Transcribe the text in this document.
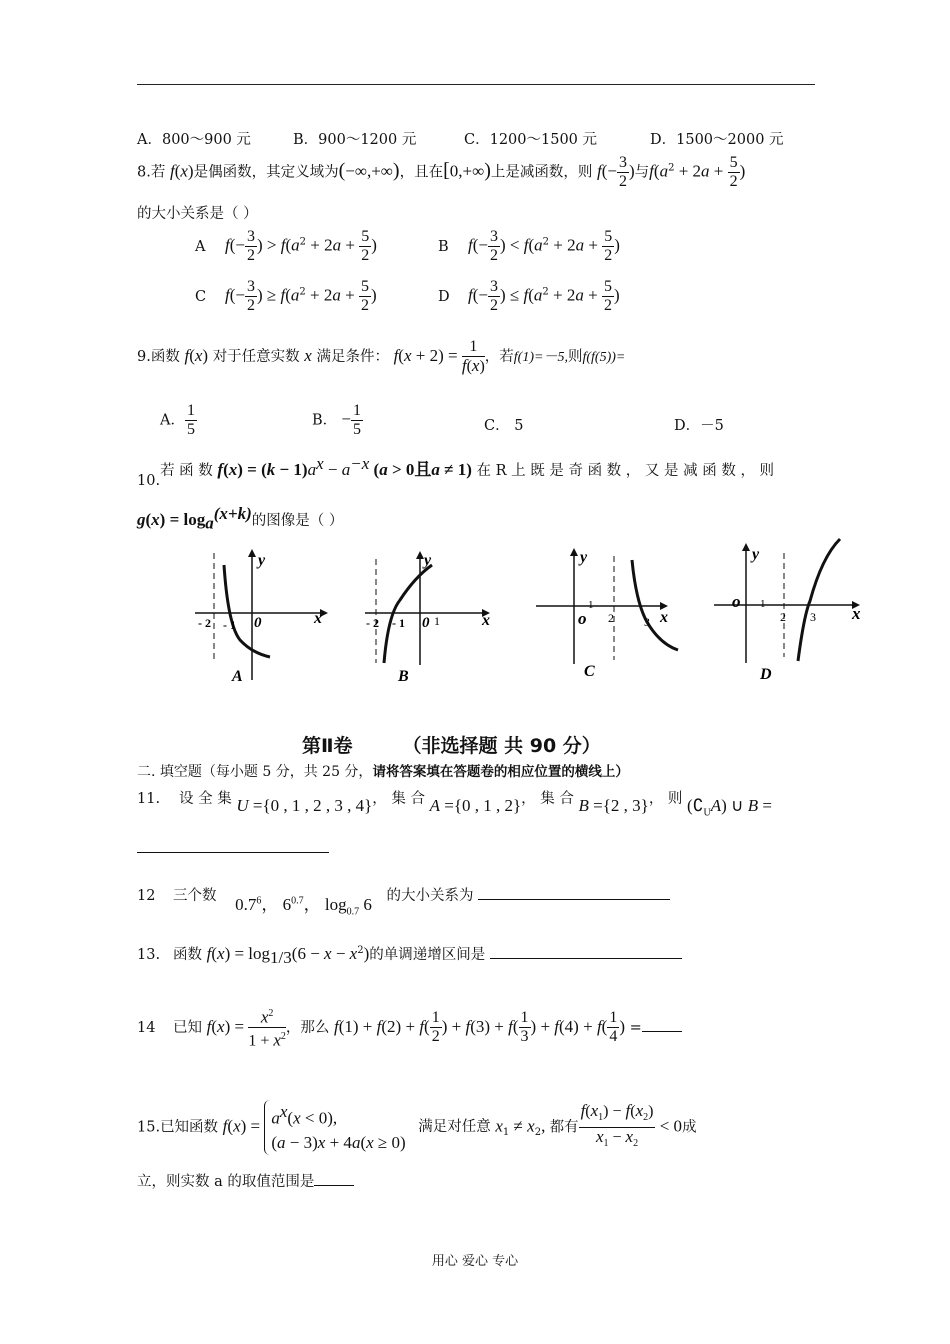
A．800～900 元	B．900～1200 元	C．1200～1500 元	D．1500～2000 元
8.若 f(x)是偶函数，其定义域为(−∞,+∞)，且在[0,+∞)上是减函数，则 $f(- \frac{3}{2}$ )与$f(a^2 + 2a + \frac{5}{2}$ )
的大小关系是（ ）
A $f(- \frac{3}{2}$ ) > $f(a^2 + 2a + \frac{5}{2}$ )	B $f(- \frac{3}{2}$ ) < $f(a^2 + 2a + \frac{5}{2}$ )
C $f(- \frac{3}{2}$ ) ≥ $f(a^2 + 2a + \frac{5}{2}$ )	D $f(- \frac{3}{2}$ ) ≤ $f(a^2 + 2a + \frac{5}{2}$ )
9.函数 f(x) 对于任意实数 x 满足条件： $f(x + 2) = \frac{1}{f(x)}$ ，若f(1)=－5,则f(f(5))=
A． $\frac{1}{5}$	B． − $\frac{1}{5}$	C． 5	D．－5
10.若 函 数 $f(x) = (k - 1)a^x - a^{-x}$ (a > 0且a ≠ 1) 在 R 上 既 是 奇 函 数 ， 又 是 减 函 数 ， 则
$g(x) = \log_a^{(x+k)}$的图像是（ ）
y
x
0
- 2 - 1
A
y
x
0 1
- 2 - 1
B
y
x
o
1
2	3
C
y
x
o 1
2 3
D
第Ⅱ卷	（非选择题 共 90 分）
二. 填空题（每小题 5 分，共 25 分，请将答案填在答题卷的相应位置的横线上）
11. 设 全 集 U ={0 , 1 , 2 , 3 , 4}， 集 合 A ={0 , 1 , 2}， 集 合 B ={2 , 3}， 则 $(∁_UA)$ ∪ B =
12 三个数 $0.7^6$， $6^{0.7}$， $\log_{0.7} 6$ 的大小关系为
13. 函数 $f(x) = \log_{1/3}(6 - x - x^2)$的单调递增区间是
14 已知 $f(x) = \frac{x^2}{1 + x^2}$ ，那么 $f(1) + f(2) + f( \frac{1}{2}$ ) + $f(3) + f( \frac{1}{3}$ ) + $f(4) + f( \frac{1}{4}$ ) =
15.已知函数 $f(x) = a^x(x < 0)$,
(a − 3)x + 4a(x ≥ 0)
满足对任意 $x_1 \ne x_2$, 都有 $\frac{f(x_1) - f(x_2)}{x_1 - x_2} < 0$成
立，则实数 a 的取值范围是
用心 爱心 专心
